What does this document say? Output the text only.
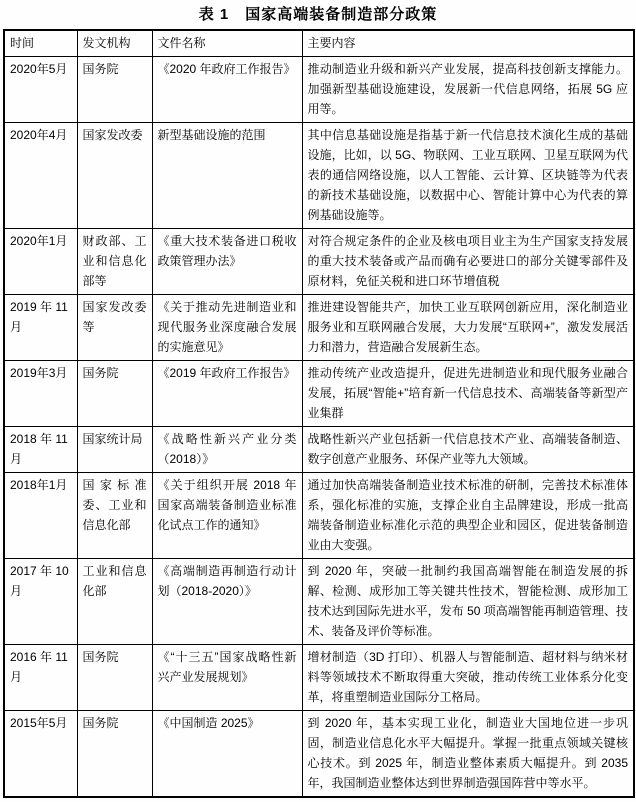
表 1　国家高端装备制造部分政策
时间	发文机构	文件名称	主要内容
2020年5月	国务院	《2020 年政府工作报告》	推动制造业升级和新兴产业发展，提高科技创新支撑能力。加强新型基础设施建设，发展新一代信息网络，拓展 5G 应用等。
2020年4月	国家发改委	新型基础设施的范围	其中信息基础设施是指基于新一代信息技术演化生成的基础设施，比如，以 5G、物联网、工业互联网、卫星互联网为代表的通信网络设施，以人工智能、云计算、区块链等为代表的新技术基础设施，以数据中心、智能计算中心为代表的算例基础设施等。
2020年1月	财政部、工业和信息化部等	《重大技术装备进口税收政策管理办法》	对符合规定条件的企业及核电项目业主为生产国家支持发展的重大技术装备或产品而确有必要进口的部分关键零部件及原材料，免征关税和进口环节增值税
2019 年 11 月	国家发改委等	《关于推动先进制造业和现代服务业深度融合发展的实施意见》	推进建设智能共产，加快工业互联网创新应用，深化制造业服务业和互联网融合发展，大力发展“互联网+”，激发发展活力和潜力，营造融合发展新生态。
2019年3月	国务院	《2019 年政府工作报告》	推动传统产业改造提升，促进先进制造业和现代服务业融合发展，拓展“智能+”培育新一代信息技术、高端装备等新型产业集群
2018 年 11 月	国家统计局	《战略性新兴产业分类（2018）》	战略性新兴产业包括新一代信息技术产业、高端装备制造、数字创意产业服务、环保产业等九大领域。
2018年1月	国家标准委、工业和信息化部	《关于组织开展 2018 年国家高端装备制造业标准化试点工作的通知》	通过加快高端装备制造业技术标准的研制，完善技术标准体系，强化标准的实施，支撑企业自主品牌建设，形成一批高端装备制造业标准化示范的典型企业和园区，促进装备制造业由大变强。
2017 年 10 月	工业和信息化部	《高端制造再制造行动计划（2018-2020）》	到 2020 年，突破一批制约我国高端智能在制造发展的拆解、检测、成形加工等关键共性技术，智能检测、成形加工技术达到国际先进水平，发布 50 项高端智能再制造管理、技术、装备及评价等标准。
2016 年 11 月	国务院	《“十三五”国家战略性新兴产业发展规划》	增材制造（3D 打印）、机器人与智能制造、超材料与纳米材料等领域技术不断取得重大突破，推动传统工业体系分化变革，将重塑制造业国际分工格局。
2015年5月	国务院	《中国制造 2025》	到 2020 年，基本实现工业化，制造业大国地位进一步巩固，制造业信息化水平大幅提升。掌握一批重点领域关键核心技术。到 2025 年，制造业整体素质大幅提升。到 2035 年，我国制造业整体达到世界制造强国阵营中等水平。
